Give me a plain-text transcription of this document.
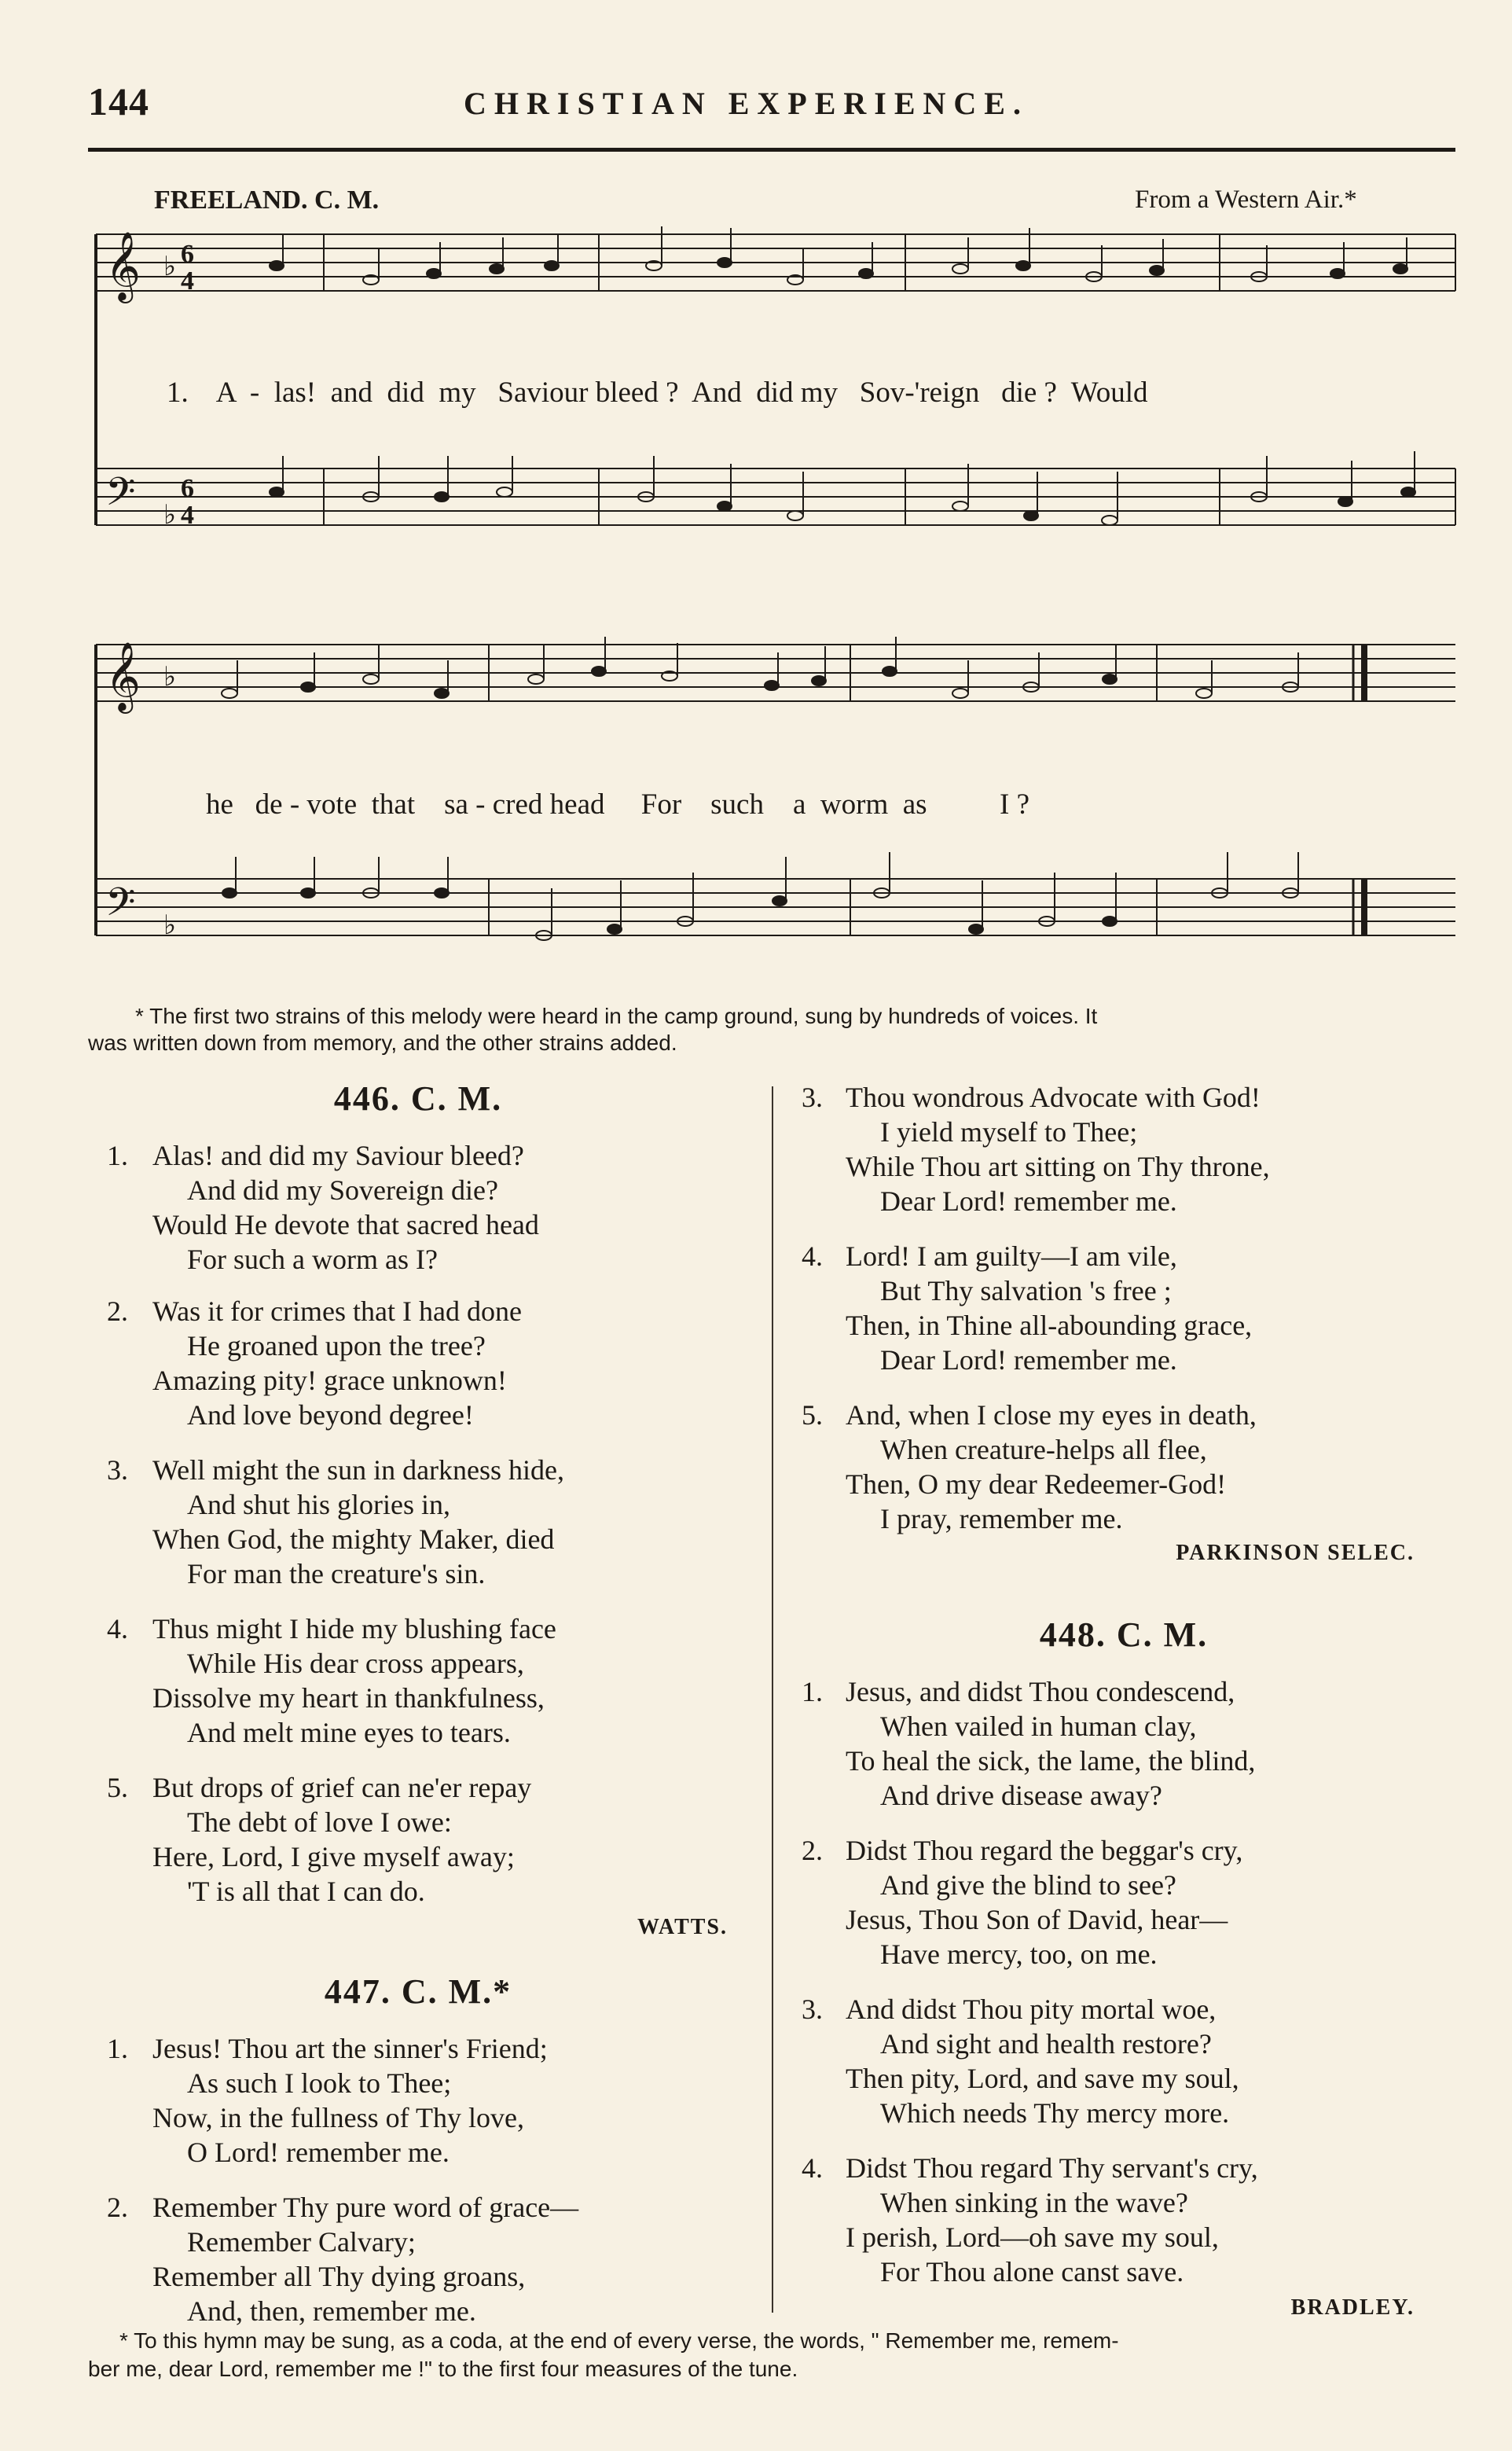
144	CHRISTIAN EXPERIENCE.
FREELAND. C. M.	From a Western Air.*
𝄞
𝄢
6
4
6
4
♭
♭
1.    A  -  las!  and  did  my   Saviour bleed ?  And  did my   Sov-'reign   die ?  Would
𝄞
𝄢
♭
♭
he   de - vote  that    sa - cred head     For    such    a  worm  as          I ?
* The first two strains of this melody were heard in the camp ground, sung by hundreds of voices. It
was written down from memory, and the other strains added.
446. C. M.
1. Alas! and did my Saviour bleed?
And did my Sovereign die?
Would He devote that sacred head
For such a worm as I?
2. Was it for crimes that I had done
He groaned upon the tree?
Amazing pity! grace unknown!
And love beyond degree!
3. Well might the sun in darkness hide,
And shut his glories in,
When God, the mighty Maker, died
For man the creature's sin.
4. Thus might I hide my blushing face
While His dear cross appears,
Dissolve my heart in thankfulness,
And melt mine eyes to tears.
5. But drops of grief can ne'er repay
The debt of love I owe:
Here, Lord, I give myself away;
'T is all that I can do.
WATTS.
447. C. M.*
1. Jesus! Thou art the sinner's Friend;
As such I look to Thee;
Now, in the fullness of Thy love,
O Lord! remember me.
2. Remember Thy pure word of grace—
Remember Calvary;
Remember all Thy dying groans,
And, then, remember me.
3. Thou wondrous Advocate with God!
I yield myself to Thee;
While Thou art sitting on Thy throne,
Dear Lord! remember me.
4. Lord! I am guilty—I am vile,
But Thy salvation 's free ;
Then, in Thine all-abounding grace,
Dear Lord! remember me.
5. And, when I close my eyes in death,
When creature-helps all flee,
Then, O my dear Redeemer-God!
I pray, remember me.
PARKINSON SELEC.
448. C. M.
1. Jesus, and didst Thou condescend,
When vailed in human clay,
To heal the sick, the lame, the blind,
And drive disease away?
2. Didst Thou regard the beggar's cry,
And give the blind to see?
Jesus, Thou Son of David, hear—
Have mercy, too, on me.
3. And didst Thou pity mortal woe,
And sight and health restore?
Then pity, Lord, and save my soul,
Which needs Thy mercy more.
4. Didst Thou regard Thy servant's cry,
When sinking in the wave?
I perish, Lord—oh save my soul,
For Thou alone canst save.
BRADLEY.
* To this hymn may be sung, as a coda, at the end of every verse, the words, " Remember me, remem-
ber me, dear Lord, remember me !" to the first four measures of the tune.
